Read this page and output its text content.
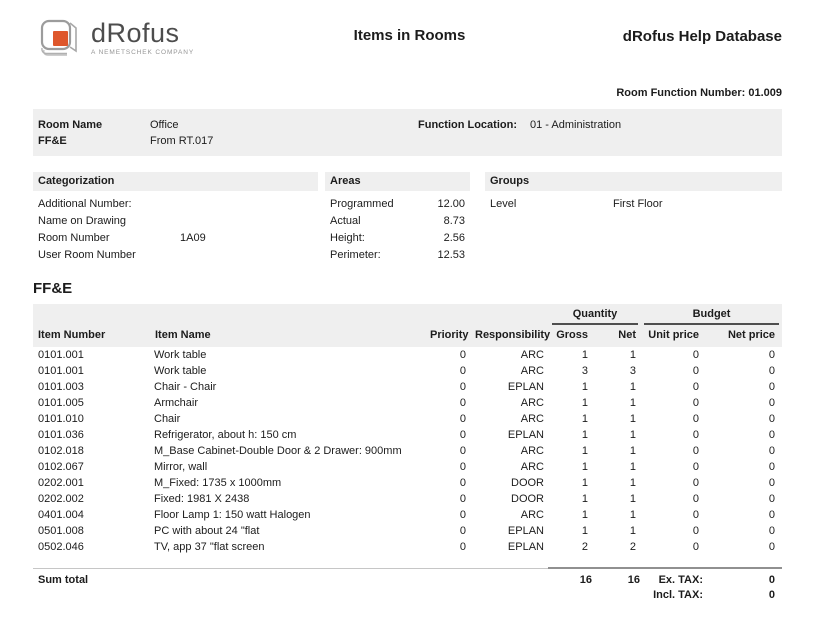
dRofus
A NEMETSCHEK COMPANY
Items in Rooms	dRofus Help Database
Room Function Number: 01.009
Room Name	Office
FF&E	From RT.017
Function Location:	01 - Administration
Categorization
Additional Number:
Name on Drawing
Room Number	1A09
User Room Number
Areas
Programmed	12.00
Actual	8.73
Height:	2.56
Perimeter:	12.53
Groups
Level	First Floor
FF&E

				Quantity		Budget	

Item Number	Item Name	Priority	Responsibility	Gross	Net	Unit price	Net price
0101.001	Work table	0	ARC	1	1	0	0
0101.001	Work table	0	ARC	3	3	0	0
0101.003	Chair - Chair	0	EPLAN	1	1	0	0
0101.005	Armchair	0	ARC	1	1	0	0
0101.010	Chair	0	ARC	1	1	0	0
0101.036	Refrigerator, about h: 150 cm	0	EPLAN	1	1	0	0
0102.018	M_Base Cabinet-Double Door & 2 Drawer: 900mm	0	ARC	1	1	0	0
0102.067	Mirror, wall	0	ARC	1	1	0	0
0202.001	M_Fixed: 1735 x 1000mm	0	DOOR	1	1	0	0
0202.002	Fixed: 1981 X 2438	0	DOOR	1	1	0	0
0401.004	Floor Lamp 1: 150 watt Halogen	0	ARC	1	1	0	0
0501.008	PC with about 24 "flat	0	EPLAN	1	1	0	0
0502.046	TV, app 37 "flat screen	0	EPLAN	2	2	0	0

Sum total				16	16	Ex. TAX:	0
						Incl. TAX:	0
